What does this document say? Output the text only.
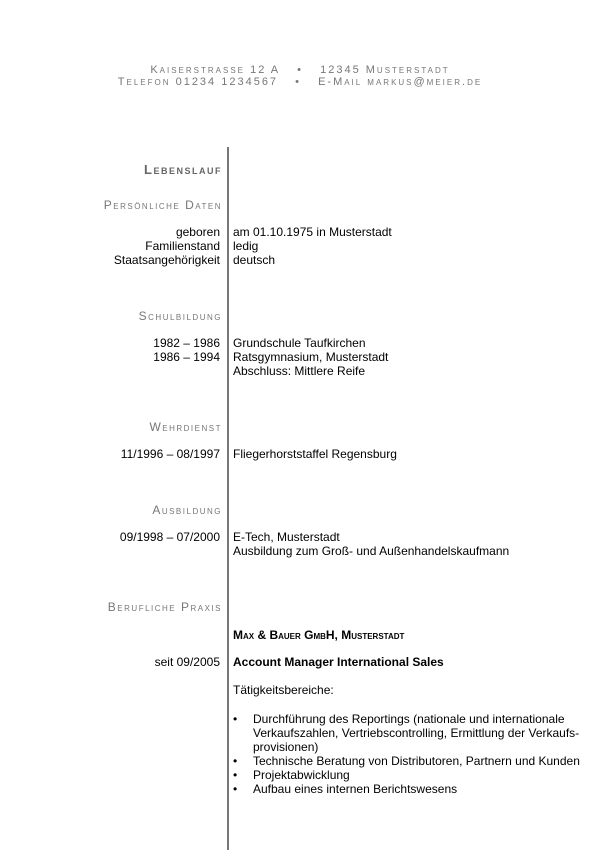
Kaiserstrasse 12 A • 12345 Musterstadt
Telefon 01234 1234567 • E-Mail markus@meier.de
Lebenslauf
Persönliche Daten
geboren am 01.10.1975 in Musterstadt
Familienstand ledig
Staatsangehörigkeit deutsch
Schulbildung
1982 – 1986 Grundschule Taufkirchen
1986 – 1994 Ratsgymnasium, Musterstadt
Abschluss: Mittlere Reife
Wehrdienst
11/1996 – 08/1997 Fliegerhorststaffel Regensburg
Ausbildung
09/1998 – 07/2000 E-Tech, Musterstadt
Ausbildung zum Groß- und Außenhandelskaufmann
Berufliche Praxis
Max & Bauer GmbH, Musterstadt
seit 09/2005 Account Manager International Sales
Tätigkeitsbereiche:
• Durchführung des Reportings (nationale und internationale Verkaufszahlen, Vertriebscontrolling, Ermittlung der Verkaufs-provisionen)
• Technische Beratung von Distributoren, Partnern und Kunden
• Projektabwicklung
• Aufbau eines internen Berichtswesens
